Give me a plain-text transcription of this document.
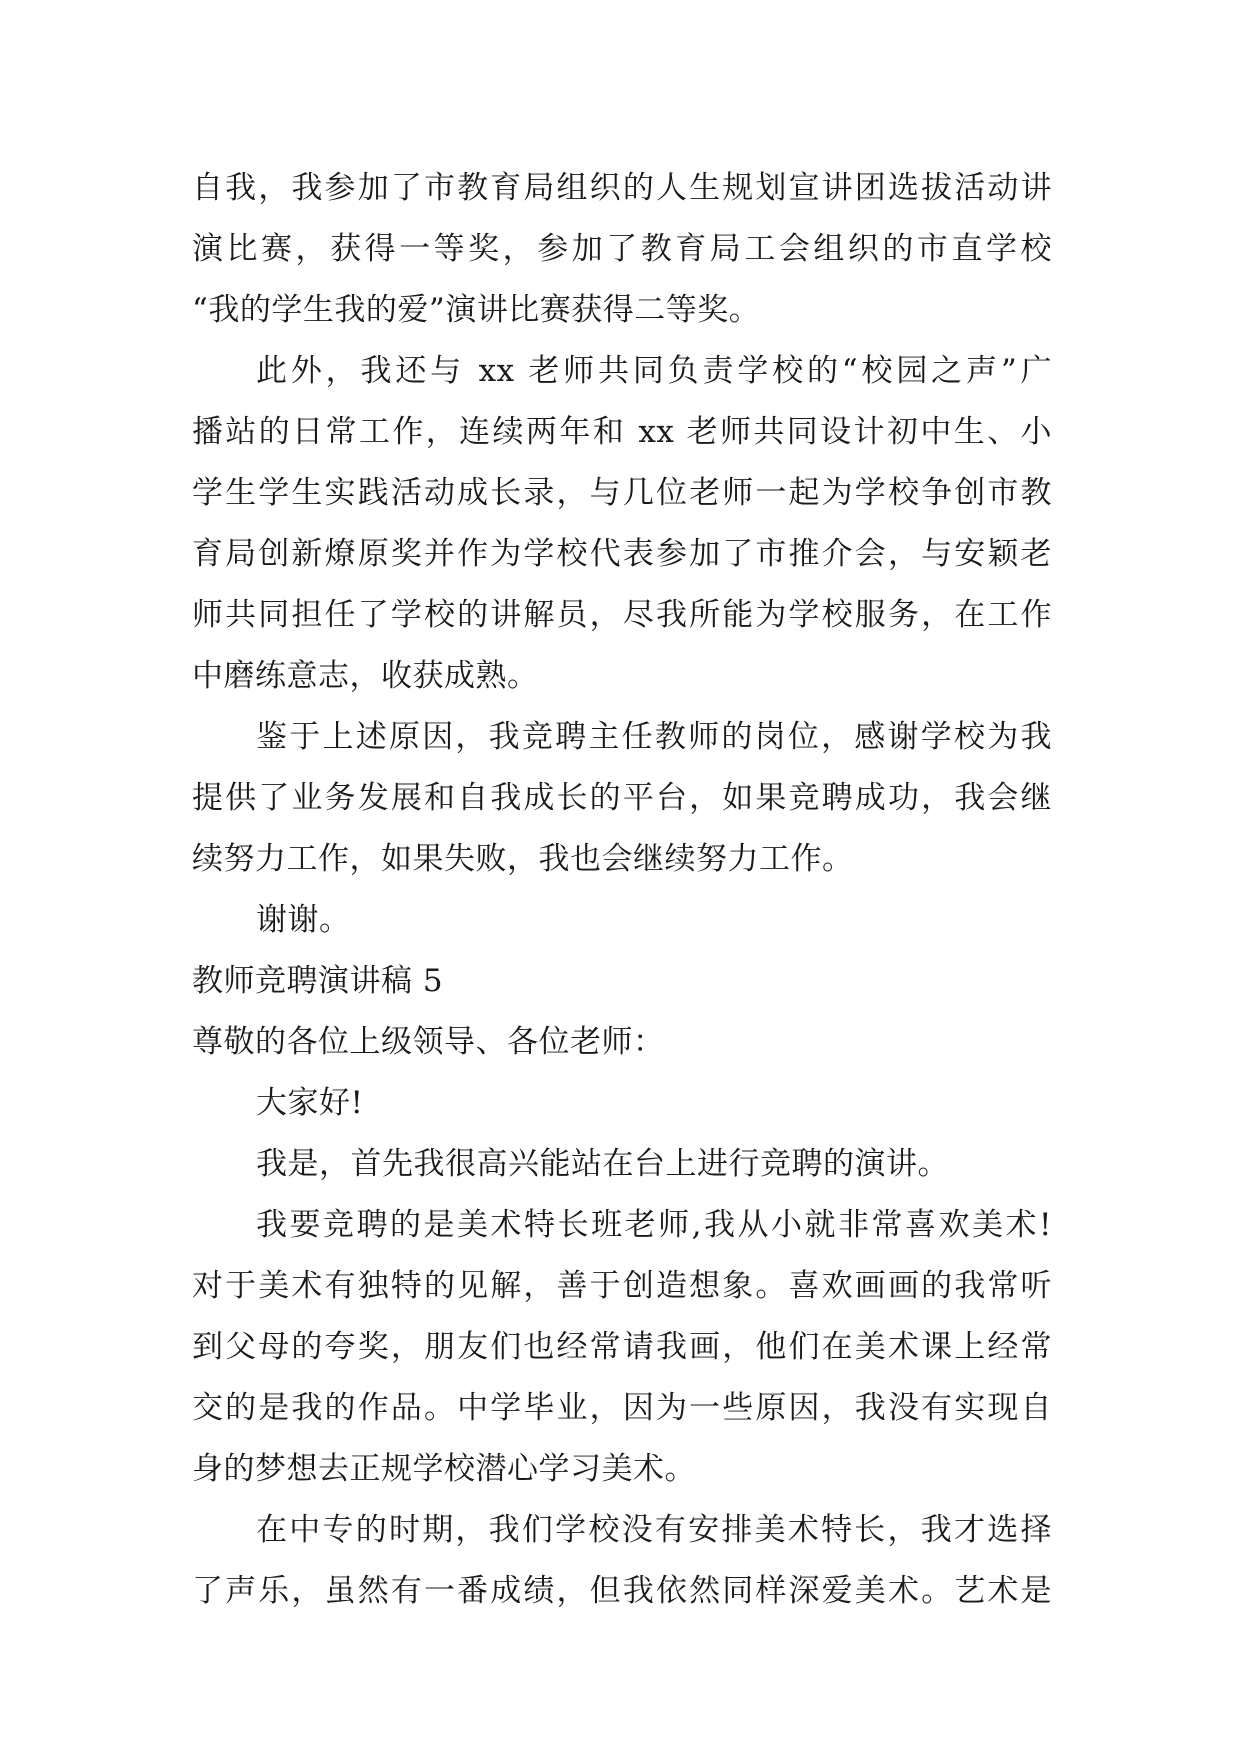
自我，我参加了市教育局组织的人生规划宣讲团选拔活动讲
演比赛，获得一等奖，参加了教育局工会组织的市直学校
“我的学生我的爱”演讲比赛获得二等奖。
此外，我还与 xx 老师共同负责学校的“校园之声”广
播站的日常工作，连续两年和 xx 老师共同设计初中生、小
学生学生实践活动成长录，与几位老师一起为学校争创市教
育局创新燎原奖并作为学校代表参加了市推介会，与安颖老
师共同担任了学校的讲解员，尽我所能为学校服务，在工作
中磨练意志，收获成熟。
鉴于上述原因，我竞聘主任教师的岗位，感谢学校为我
提供了业务发展和自我成长的平台，如果竞聘成功，我会继
续努力工作，如果失败，我也会继续努力工作。
谢谢。
教师竞聘演讲稿 5
尊敬的各位上级领导、各位老师：
大家好!
我是，首先我很高兴能站在台上进行竞聘的演讲。
我要竞聘的是美术特长班老师,我从小就非常喜欢美术!
对于美术有独特的见解，善于创造想象。喜欢画画的我常听
到父母的夸奖，朋友们也经常请我画，他们在美术课上经常
交的是我的作品。中学毕业，因为一些原因，我没有实现自
身的梦想去正规学校潜心学习美术。
在中专的时期，我们学校没有安排美术特长，我才选择
了声乐，虽然有一番成绩，但我依然同样深爱美术。艺术是
